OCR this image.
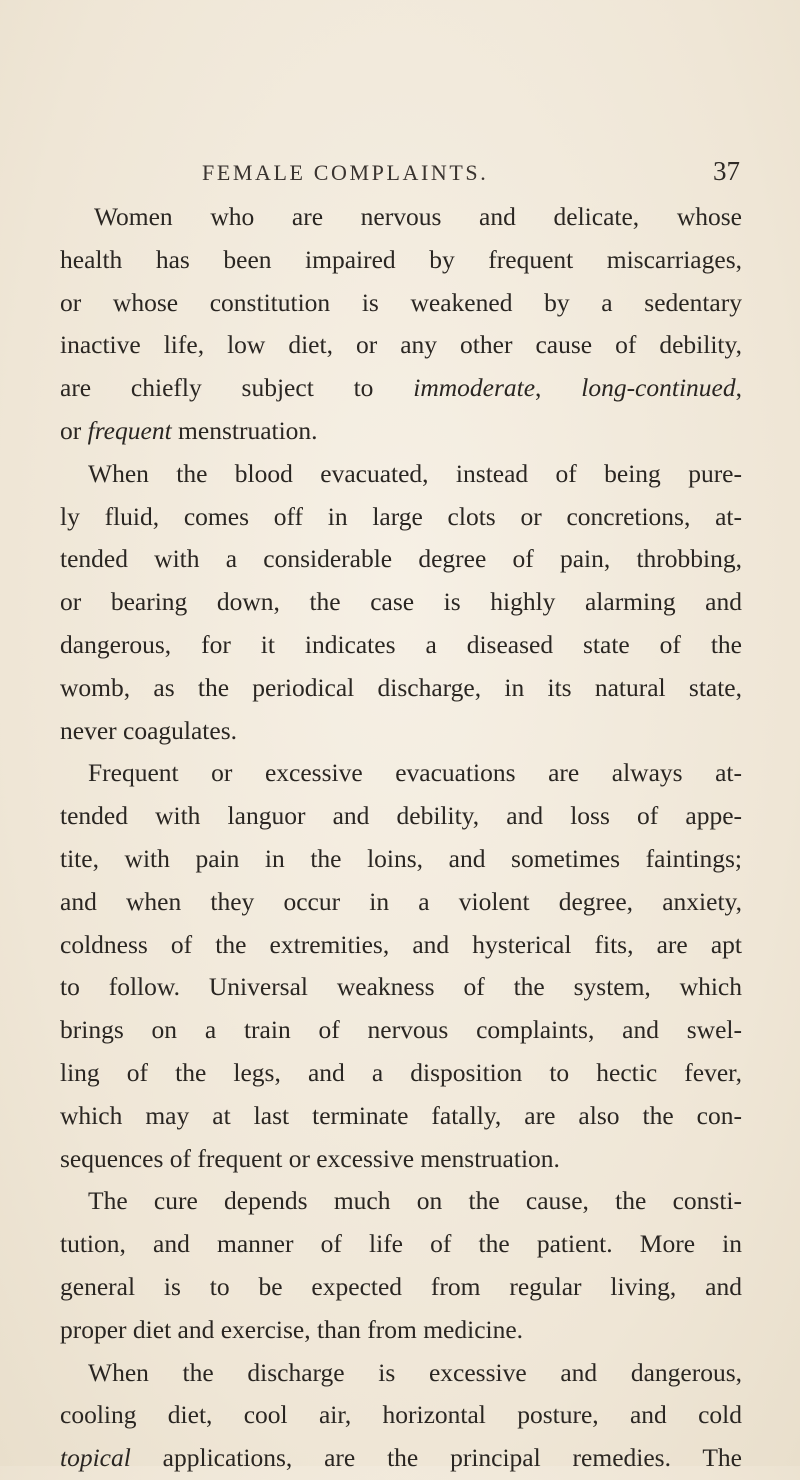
FEMALE COMPLAINTS.	37
Women who are nervous and delicate, whose
health has been impaired by frequent miscarriages,
or whose constitution is weakened by a sedentary
inactive life, low diet, or any other cause of debility,
are chiefly subject to immoderate, long-continued,
or frequent menstruation.
When the blood evacuated, instead of being pure-
ly fluid, comes off in large clots or concretions, at-
tended with a considerable degree of pain, throbbing,
or bearing down, the case is highly alarming and
dangerous, for it indicates a diseased state of the
womb, as the periodical discharge, in its natural state,
never coagulates.
Frequent or excessive evacuations are always at-
tended with languor and debility, and loss of appe-
tite, with pain in the loins, and sometimes faintings;
and when they occur in a violent degree, anxiety,
coldness of the extremities, and hysterical fits, are apt
to follow. Universal weakness of the system, which
brings on a train of nervous complaints, and swel-
ling of the legs, and a disposition to hectic fever,
which may at last terminate fatally, are also the con-
sequences of frequent or excessive menstruation.
The cure depends much on the cause, the consti-
tution, and manner of life of the patient. More in
general is to be expected from regular living, and
proper diet and exercise, than from medicine.
When the discharge is excessive and dangerous,
cooling diet, cool air, horizontal posture, and cold
topical applications, are the principal remedies. The
